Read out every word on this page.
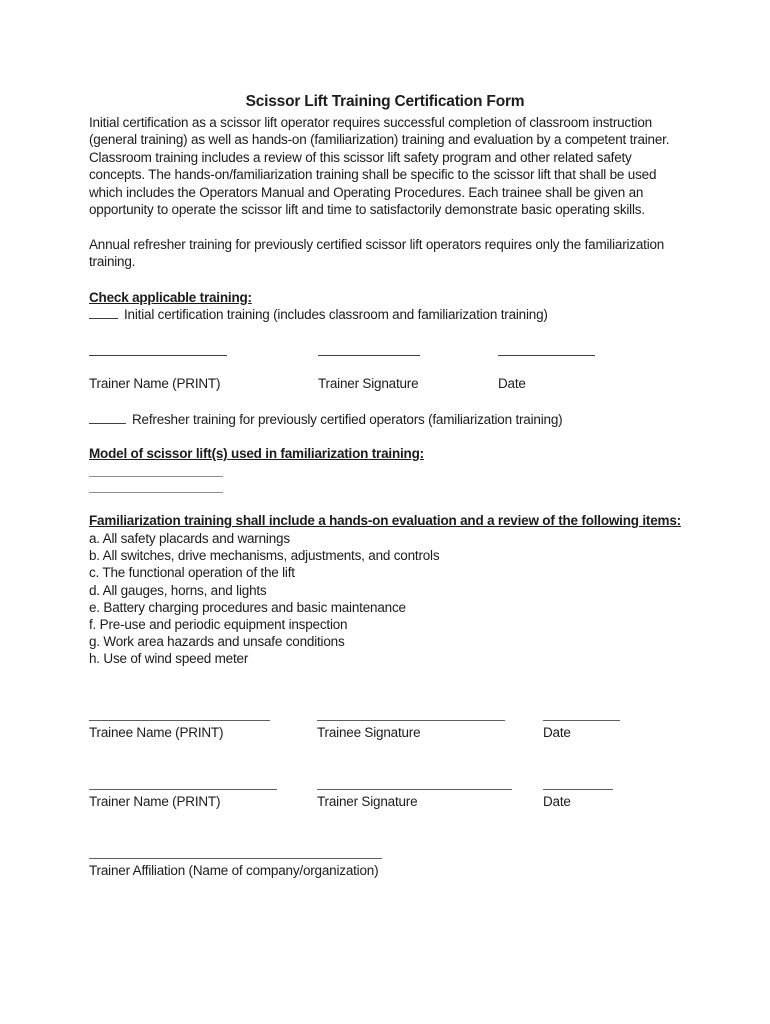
Scissor Lift Training Certification Form
Initial certification as a scissor lift operator requires successful completion of classroom instruction (general training) as well as hands-on (familiarization) training and evaluation by a competent trainer. Classroom training includes a review of this scissor lift safety program and other related safety concepts. The hands-on/familiarization training shall be specific to the scissor lift that shall be used which includes the Operators Manual and Operating Procedures. Each trainee shall be given an opportunity to operate the scissor lift and time to satisfactorily demonstrate basic operating skills.
Annual refresher training for previously certified scissor lift operators requires only the familiarization training.
Check applicable training:
Initial certification training (includes classroom and familiarization training)
Trainer Name (PRINT)	Trainer Signature	Date
Refresher training for previously certified operators (familiarization training)
Model of scissor lift(s) used in familiarization training:
Familiarization training shall include a hands-on evaluation and a review of the following items:
a. All safety placards and warnings
b. All switches, drive mechanisms, adjustments, and controls
c. The functional operation of the lift
d. All gauges, horns, and lights
e. Battery charging procedures and basic maintenance
f. Pre-use and periodic equipment inspection
g. Work area hazards and unsafe conditions
h. Use of wind speed meter
Trainee Name (PRINT)	Trainee Signature	Date
Trainer Name (PRINT)	Trainer Signature	Date
Trainer Affiliation (Name of company/organization)
